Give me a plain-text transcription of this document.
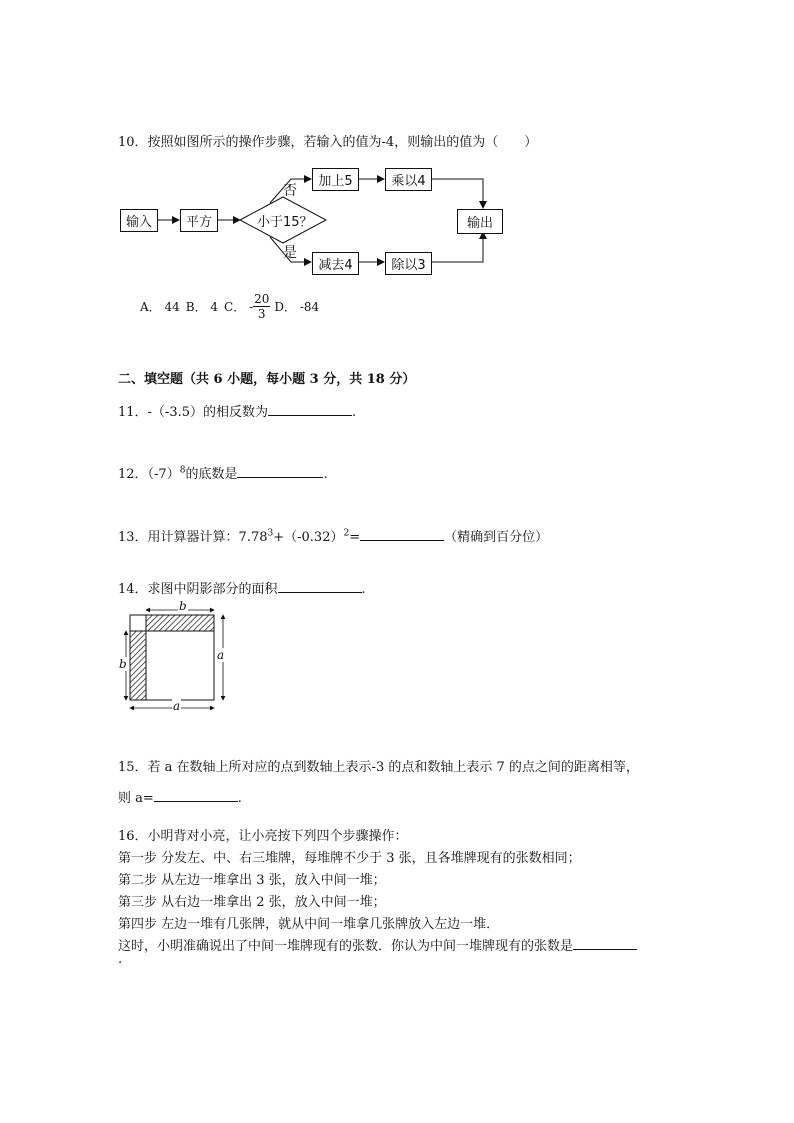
10．按照如图所示的操作步骤，若输入的值为-4，则输出的值为（　　）
输入	平方	小于15？
否
是
加上5	乘以4
减去4	除以3
输出
A． 44 B． 4 C． - $\frac{20}{3}$ D． -84
二、填空题（共 6 小题，每小题 3 分，共 18 分）
11．-（-3.5）的相反数为	.
12．$(-7)^8$的底数是	.
13．用计算器计算：$7.78^3+(-0.32)^2=$	（精确到百分位）
14．求图中阴影部分的面积	.
b
b
a
a
15．若 a 在数轴上所对应的点到数轴上表示-3 的点和数轴上表示 7 的点之间的距离相等，
则 a=	.
16．小明背对小亮，让小亮按下列四个步骤操作：
第一步 分发左、中、右三堆牌，每堆牌不少于 3 张，且各堆牌现有的张数相同；
第二步 从左边一堆拿出 3 张，放入中间一堆；
第三步 从右边一堆拿出 2 张，放入中间一堆；
第四步 左边一堆有几张牌，就从中间一堆拿几张牌放入左边一堆．
这时，小明准确说出了中间一堆牌现有的张数．你认为中间一堆牌现有的张数是
.
